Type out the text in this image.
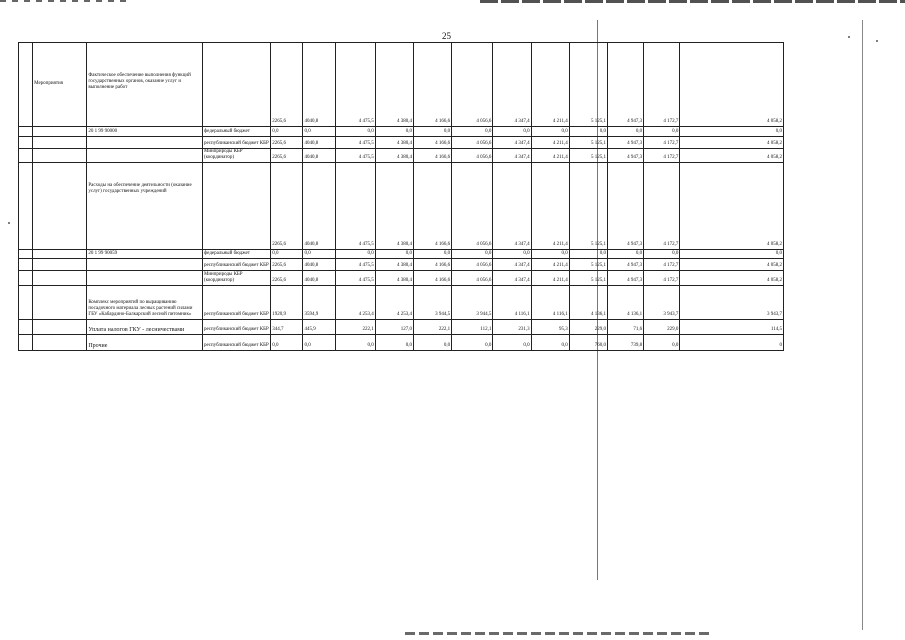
25
	Мероприятия	Фактическое обеспечение выполнения функций государственных органов, оказание услуг и выполнение работ		2265,6	4040,8	4 475,5	4 380,4	4 166,6	4 056,6	4 347,4	4 211,4	5 125,1	4 947,3	4 172,7	4 058,2
		20 1 99 90000	федеральный бюджет	0,0	0,0	0,0	0,0	0,0	0,0	0,0	0,0	0,0	0,0	0,0	0,0
			республиканский бюджет КБР	2265,6	4040,8	4 475,5	4 380,4	4 166,6	4 056,6	4 347,4	4 211,4	5 125,1	4 947,3	4 172,7	4 058,2
			Минприроды КБР (координатор)	2265,6	4040,8	4 475,5	4 380,4	4 166,6	4 056,6	4 347,4	4 211,4	5 125,1	4 947,3	4 172,7	4 058,2
		Расходы на обеспечение деятельности (оказание услуг) государственных учреждений		2265,6	4040,8	4 475,5	4 380,4	4 166,6	4 056,6	4 347,4	4 211,4	5 125,1	4 947,3	4 172,7	4 058,2
		20 1 99 90059	федеральный бюджет	0,0	0,0	0,0	0,0	0,0	0,0	0,0	0,0	0,0	0,0	0,0	0,0
			республиканский бюджет КБР	2265,6	4040,8	4 475,5	4 380,4	4 166,6	4 056,6	4 347,4	4 211,4	5 125,1	4 947,3	4 172,7	4 058,2
			Минприроды КБР (координатор)	2265,6	4040,8	4 475,5	4 380,4	4 166,6	4 056,6	4 347,4	4 211,4	5 125,1	4 947,3	4 172,7	4 058,2
		Комплекс мероприятий по выращиванию посадочного материала лесных растений силами ГБУ «Кабардино-Балкарский лесной питомник»	республиканский бюджет КБР	1920,9	3594,9	4 253,4	4 253,4	3 944,5	3 944,5	4 116,1	4 116,1	4 136,1	4 136,1	3 943,7	3 943,7
		Уплата налогов ГКУ - лесничествами	республиканский бюджет КБР	344,7	445,9	222,1	127,0	222,1	112,1	231,3	95,3	229,0	71,6	229,0	114,5
		Прочие	республиканский бюджет КБР	0,0	0,0	0,0	0,0	0,0	0,0	0,0	0,0	760,0	739,8	0,0	0
